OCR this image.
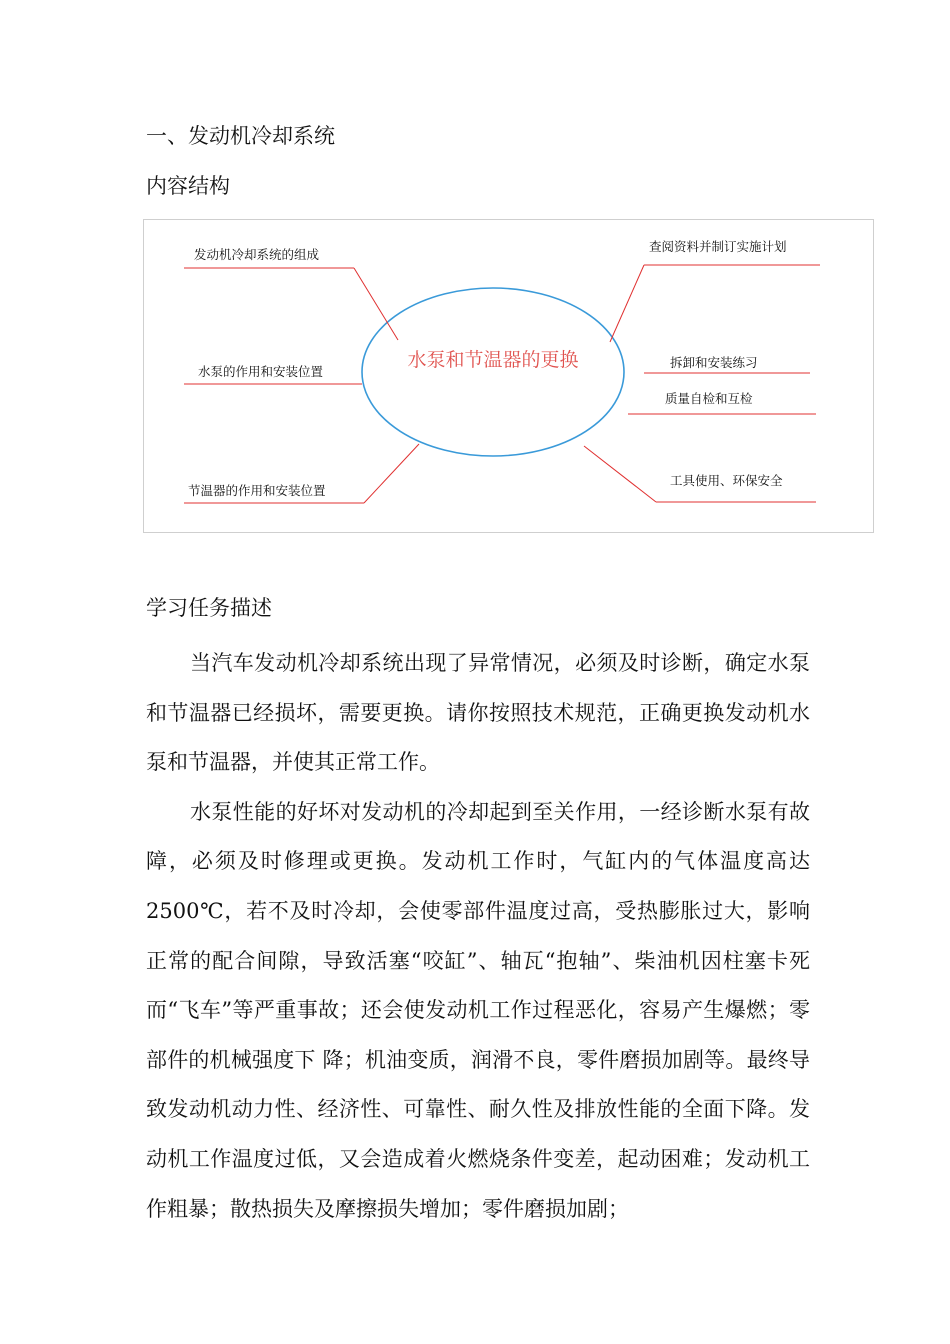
一、发动机冷却系统
内容结构
水泵和节温器的更换
发动机冷却系统的组成
水泵的作用和安装位置
节温器的作用和安装位置
查阅资料并制订实施计划
拆卸和安装练习
质量自检和互检
工具使用、环保安全
学习任务描述

当汽车发动机冷却系统出现了异常情况，必须及时诊断，确定水泵和节温器已经损坏，需要更换。请你按照技术规范，正确更换发动机水泵和节温器，并使其正常工作。

水泵性能的好坏对发动机的冷却起到至关作用，一经诊断水泵有故障，必须及时修理或更换。发动机工作时，气缸内的气体温度高达2500℃，若不及时冷却，会使零部件温度过高，受热膨胀过大，影响正常的配合间隙，导致活塞“咬缸”、轴瓦“抱轴”、柴油机因柱塞卡死而“飞车”等严重事故；还会使发动机工作过程恶化，容易产生爆燃；零部件的机械强度下 降；机油变质，润滑不良，零件磨损加剧等。最终导致发动机动力性、经济性、可靠性、耐久性及排放性能的全面下降。发动机工作温度过低，又会造成着火燃烧条件变差，起动困难；发动机工作粗暴；散热损失及摩擦损失增加；零件磨损加剧；
